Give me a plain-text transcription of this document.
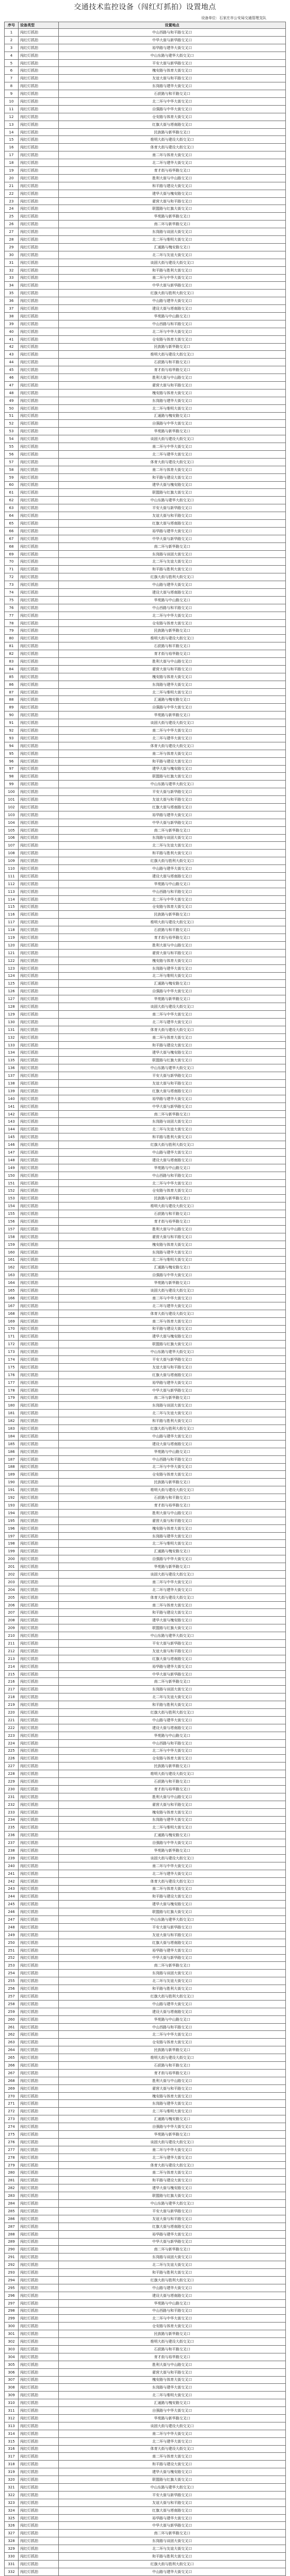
交通技术监控设备（闯红灯抓拍）设置地点
设备单位：石家庄市公安局交通管理支队
序号	设备类型	设置地点
1	闯红灯抓拍	中山西路与和平路交叉口
2	闯红灯抓拍	中华大街与新华路交叉口
3	闯红灯抓拍	裕华路与建华大街交叉口
4	闯红灯抓拍	中山东路与建华大街交叉口
5	闯红灯抓拍	平安大街与新华路交叉口
6	闯红灯抓拍	槐安路与体育大街交叉口
7	闯红灯抓拍	友谊大街与和平路交叉口
8	闯红灯抓拍	东岗路与建华大街交叉口
9	闯红灯抓拍	石获路与和平路交叉口
10	闯红灯抓拍	北二环与中华大街交叉口
11	闯红灯抓拍	自强路与中华大街交叉口
12	闯红灯抓拍	仓安路与体育大街交叉口
13	闯红灯抓拍	红旗大街与塔南路交叉口
14	闯红灯抓拍	民族路与新华路交叉口
15	闯红灯抓拍	维明大街与建设大街交叉口
16	闯红灯抓拍	体育大街与建设大街交叉口
17	闯红灯抓拍	南二环与体育大街交叉口
18	闯红灯抓拍	北二环与建华大街交叉口
19	闯红灯抓拍	育才街与裕华路交叉口
20	闯红灯抓拍	胜利大街与中山路交叉口
21	闯红灯抓拍	和平路与建设大街交叉口
22	闯红灯抓拍	建华大街与槐安路交叉口
23	闯红灯抓拍	翟营大街与和平路交叉口
24	闯红灯抓拍	联盟路与红旗大街交叉口
25	闯红灯抓拍	华苑路与新华路交叉口
26	闯红灯抓拍	南二环与新华路交叉口
27	闯红灯抓拍	东岗路与谈固大街交叉口
28	闯红灯抓拍	北二环与维明大街交叉口
29	闯红灯抓拍	汇通路与槐安路交叉口
30	闯红灯抓拍	北二环与友谊大街交叉口
31	闯红灯抓拍	谈固大街与建设大街交叉口
32	闯红灯抓拍	和平路与胜利大街交叉口
33	闯红灯抓拍	南二环与中华大街交叉口
34	闯红灯抓拍	中华大街与新华路交叉口
35	闯红灯抓拍	红旗大街与胜利大街交叉口
36	闯红灯抓拍	中山路与建华大街交叉口
37	闯红灯抓拍	建设大街与塔南路交叉口
38	闯红灯抓拍	华苑路与中山路交叉口
39	闯红灯抓拍	中山西路与和平路交叉口
40	闯红灯抓拍	北二环与中华大街交叉口
41	闯红灯抓拍	仓安路与体育大街交叉口
42	闯红灯抓拍	民族路与新华路交叉口
43	闯红灯抓拍	维明大街与建设大街交叉口
44	闯红灯抓拍	石获路与和平路交叉口
45	闯红灯抓拍	育才街与裕华路交叉口
46	闯红灯抓拍	胜利大街与中山路交叉口
47	闯红灯抓拍	翟营大街与和平路交叉口
48	闯红灯抓拍	槐安路与体育大街交叉口
49	闯红灯抓拍	东岗路与建华大街交叉口
50	闯红灯抓拍	北二环与维明大街交叉口
51	闯红灯抓拍	汇通路与槐安路交叉口
52	闯红灯抓拍	自强路与中华大街交叉口
53	闯红灯抓拍	华苑路与新华路交叉口
54	闯红灯抓拍	谈固大街与建设大街交叉口
55	闯红灯抓拍	南二环与中华大街交叉口
56	闯红灯抓拍	北二环与建华大街交叉口
57	闯红灯抓拍	体育大街与建设大街交叉口
58	闯红灯抓拍	南二环与体育大街交叉口
59	闯红灯抓拍	和平路与建设大街交叉口
60	闯红灯抓拍	建华大街与槐安路交叉口
61	闯红灯抓拍	联盟路与红旗大街交叉口
62	闯红灯抓拍	中山东路与建华大街交叉口
63	闯红灯抓拍	平安大街与新华路交叉口
64	闯红灯抓拍	友谊大街与和平路交叉口
65	闯红灯抓拍	红旗大街与塔南路交叉口
66	闯红灯抓拍	裕华路与建华大街交叉口
67	闯红灯抓拍	中华大街与新华路交叉口
68	闯红灯抓拍	南二环与新华路交叉口
69	闯红灯抓拍	东岗路与谈固大街交叉口
70	闯红灯抓拍	北二环与友谊大街交叉口
71	闯红灯抓拍	和平路与胜利大街交叉口
72	闯红灯抓拍	红旗大街与胜利大街交叉口
73	闯红灯抓拍	中山路与建华大街交叉口
74	闯红灯抓拍	建设大街与塔南路交叉口
75	闯红灯抓拍	华苑路与中山路交叉口
76	闯红灯抓拍	中山西路与和平路交叉口
77	闯红灯抓拍	北二环与中华大街交叉口
78	闯红灯抓拍	仓安路与体育大街交叉口
79	闯红灯抓拍	民族路与新华路交叉口
80	闯红灯抓拍	维明大街与建设大街交叉口
81	闯红灯抓拍	石获路与和平路交叉口
82	闯红灯抓拍	育才街与裕华路交叉口
83	闯红灯抓拍	胜利大街与中山路交叉口
84	闯红灯抓拍	翟营大街与和平路交叉口
85	闯红灯抓拍	槐安路与体育大街交叉口
86	闯红灯抓拍	东岗路与建华大街交叉口
87	闯红灯抓拍	北二环与维明大街交叉口
88	闯红灯抓拍	汇通路与槐安路交叉口
89	闯红灯抓拍	自强路与中华大街交叉口
90	闯红灯抓拍	华苑路与新华路交叉口
91	闯红灯抓拍	谈固大街与建设大街交叉口
92	闯红灯抓拍	南二环与中华大街交叉口
93	闯红灯抓拍	北二环与建华大街交叉口
94	闯红灯抓拍	体育大街与建设大街交叉口
95	闯红灯抓拍	南二环与体育大街交叉口
96	闯红灯抓拍	和平路与建设大街交叉口
97	闯红灯抓拍	建华大街与槐安路交叉口
98	闯红灯抓拍	联盟路与红旗大街交叉口
99	闯红灯抓拍	中山东路与建华大街交叉口
100	闯红灯抓拍	平安大街与新华路交叉口
101	闯红灯抓拍	友谊大街与和平路交叉口
102	闯红灯抓拍	红旗大街与塔南路交叉口
103	闯红灯抓拍	裕华路与建华大街交叉口
104	闯红灯抓拍	中华大街与新华路交叉口
105	闯红灯抓拍	南二环与新华路交叉口
106	闯红灯抓拍	东岗路与谈固大街交叉口
107	闯红灯抓拍	北二环与友谊大街交叉口
108	闯红灯抓拍	和平路与胜利大街交叉口
109	闯红灯抓拍	红旗大街与胜利大街交叉口
110	闯红灯抓拍	中山路与建华大街交叉口
111	闯红灯抓拍	建设大街与塔南路交叉口
112	闯红灯抓拍	华苑路与中山路交叉口
113	闯红灯抓拍	中山西路与和平路交叉口
114	闯红灯抓拍	北二环与中华大街交叉口
115	闯红灯抓拍	仓安路与体育大街交叉口
116	闯红灯抓拍	民族路与新华路交叉口
117	闯红灯抓拍	维明大街与建设大街交叉口
118	闯红灯抓拍	石获路与和平路交叉口
119	闯红灯抓拍	育才街与裕华路交叉口
120	闯红灯抓拍	胜利大街与中山路交叉口
121	闯红灯抓拍	翟营大街与和平路交叉口
122	闯红灯抓拍	槐安路与体育大街交叉口
123	闯红灯抓拍	东岗路与建华大街交叉口
124	闯红灯抓拍	北二环与维明大街交叉口
125	闯红灯抓拍	汇通路与槐安路交叉口
126	闯红灯抓拍	自强路与中华大街交叉口
127	闯红灯抓拍	华苑路与新华路交叉口
128	闯红灯抓拍	谈固大街与建设大街交叉口
129	闯红灯抓拍	南二环与中华大街交叉口
130	闯红灯抓拍	北二环与建华大街交叉口
131	闯红灯抓拍	体育大街与建设大街交叉口
132	闯红灯抓拍	南二环与体育大街交叉口
133	闯红灯抓拍	和平路与建设大街交叉口
134	闯红灯抓拍	建华大街与槐安路交叉口
135	闯红灯抓拍	联盟路与红旗大街交叉口
136	闯红灯抓拍	中山东路与建华大街交叉口
137	闯红灯抓拍	平安大街与新华路交叉口
138	闯红灯抓拍	友谊大街与和平路交叉口
139	闯红灯抓拍	红旗大街与塔南路交叉口
140	闯红灯抓拍	裕华路与建华大街交叉口
141	闯红灯抓拍	中华大街与新华路交叉口
142	闯红灯抓拍	南二环与新华路交叉口
143	闯红灯抓拍	东岗路与谈固大街交叉口
144	闯红灯抓拍	北二环与友谊大街交叉口
145	闯红灯抓拍	和平路与胜利大街交叉口
146	闯红灯抓拍	红旗大街与胜利大街交叉口
147	闯红灯抓拍	中山路与建华大街交叉口
148	闯红灯抓拍	建设大街与塔南路交叉口
149	闯红灯抓拍	华苑路与中山路交叉口
150	闯红灯抓拍	中山西路与和平路交叉口
151	闯红灯抓拍	北二环与中华大街交叉口
152	闯红灯抓拍	仓安路与体育大街交叉口
153	闯红灯抓拍	民族路与新华路交叉口
154	闯红灯抓拍	维明大街与建设大街交叉口
155	闯红灯抓拍	石获路与和平路交叉口
156	闯红灯抓拍	育才街与裕华路交叉口
157	闯红灯抓拍	胜利大街与中山路交叉口
158	闯红灯抓拍	翟营大街与和平路交叉口
159	闯红灯抓拍	槐安路与体育大街交叉口
160	闯红灯抓拍	东岗路与建华大街交叉口
161	闯红灯抓拍	北二环与维明大街交叉口
162	闯红灯抓拍	汇通路与槐安路交叉口
163	闯红灯抓拍	自强路与中华大街交叉口
164	闯红灯抓拍	华苑路与新华路交叉口
165	闯红灯抓拍	谈固大街与建设大街交叉口
166	闯红灯抓拍	南二环与中华大街交叉口
167	闯红灯抓拍	北二环与建华大街交叉口
168	闯红灯抓拍	体育大街与建设大街交叉口
169	闯红灯抓拍	南二环与体育大街交叉口
170	闯红灯抓拍	和平路与建设大街交叉口
171	闯红灯抓拍	建华大街与槐安路交叉口
172	闯红灯抓拍	联盟路与红旗大街交叉口
173	闯红灯抓拍	中山东路与建华大街交叉口
174	闯红灯抓拍	平安大街与新华路交叉口
175	闯红灯抓拍	友谊大街与和平路交叉口
176	闯红灯抓拍	红旗大街与塔南路交叉口
177	闯红灯抓拍	裕华路与建华大街交叉口
178	闯红灯抓拍	中华大街与新华路交叉口
179	闯红灯抓拍	南二环与新华路交叉口
180	闯红灯抓拍	东岗路与谈固大街交叉口
181	闯红灯抓拍	北二环与友谊大街交叉口
182	闯红灯抓拍	和平路与胜利大街交叉口
183	闯红灯抓拍	红旗大街与胜利大街交叉口
184	闯红灯抓拍	中山路与建华大街交叉口
185	闯红灯抓拍	建设大街与塔南路交叉口
186	闯红灯抓拍	华苑路与中山路交叉口
187	闯红灯抓拍	中山西路与和平路交叉口
188	闯红灯抓拍	北二环与中华大街交叉口
189	闯红灯抓拍	仓安路与体育大街交叉口
190	闯红灯抓拍	民族路与新华路交叉口
191	闯红灯抓拍	维明大街与建设大街交叉口
192	闯红灯抓拍	石获路与和平路交叉口
193	闯红灯抓拍	育才街与裕华路交叉口
194	闯红灯抓拍	胜利大街与中山路交叉口
195	闯红灯抓拍	翟营大街与和平路交叉口
196	闯红灯抓拍	槐安路与体育大街交叉口
197	闯红灯抓拍	东岗路与建华大街交叉口
198	闯红灯抓拍	北二环与维明大街交叉口
199	闯红灯抓拍	汇通路与槐安路交叉口
200	闯红灯抓拍	自强路与中华大街交叉口
201	闯红灯抓拍	华苑路与新华路交叉口
202	闯红灯抓拍	谈固大街与建设大街交叉口
203	闯红灯抓拍	南二环与中华大街交叉口
204	闯红灯抓拍	北二环与建华大街交叉口
205	闯红灯抓拍	体育大街与建设大街交叉口
206	闯红灯抓拍	南二环与体育大街交叉口
207	闯红灯抓拍	和平路与建设大街交叉口
208	闯红灯抓拍	建华大街与槐安路交叉口
209	闯红灯抓拍	联盟路与红旗大街交叉口
210	闯红灯抓拍	中山东路与建华大街交叉口
211	闯红灯抓拍	平安大街与新华路交叉口
212	闯红灯抓拍	友谊大街与和平路交叉口
213	闯红灯抓拍	红旗大街与塔南路交叉口
214	闯红灯抓拍	裕华路与建华大街交叉口
215	闯红灯抓拍	中华大街与新华路交叉口
216	闯红灯抓拍	南二环与新华路交叉口
217	闯红灯抓拍	东岗路与谈固大街交叉口
218	闯红灯抓拍	北二环与友谊大街交叉口
219	闯红灯抓拍	和平路与胜利大街交叉口
220	闯红灯抓拍	红旗大街与胜利大街交叉口
221	闯红灯抓拍	中山路与建华大街交叉口
222	闯红灯抓拍	建设大街与塔南路交叉口
223	闯红灯抓拍	华苑路与中山路交叉口
224	闯红灯抓拍	中山西路与和平路交叉口
225	闯红灯抓拍	北二环与中华大街交叉口
226	闯红灯抓拍	仓安路与体育大街交叉口
227	闯红灯抓拍	民族路与新华路交叉口
228	闯红灯抓拍	维明大街与建设大街交叉口
229	闯红灯抓拍	石获路与和平路交叉口
230	闯红灯抓拍	育才街与裕华路交叉口
231	闯红灯抓拍	胜利大街与中山路交叉口
232	闯红灯抓拍	翟营大街与和平路交叉口
233	闯红灯抓拍	槐安路与体育大街交叉口
234	闯红灯抓拍	东岗路与建华大街交叉口
235	闯红灯抓拍	北二环与维明大街交叉口
236	闯红灯抓拍	汇通路与槐安路交叉口
237	闯红灯抓拍	自强路与中华大街交叉口
238	闯红灯抓拍	华苑路与新华路交叉口
239	闯红灯抓拍	谈固大街与建设大街交叉口
240	闯红灯抓拍	南二环与中华大街交叉口
241	闯红灯抓拍	北二环与建华大街交叉口
242	闯红灯抓拍	体育大街与建设大街交叉口
243	闯红灯抓拍	南二环与体育大街交叉口
244	闯红灯抓拍	和平路与建设大街交叉口
245	闯红灯抓拍	建华大街与槐安路交叉口
246	闯红灯抓拍	联盟路与红旗大街交叉口
247	闯红灯抓拍	中山东路与建华大街交叉口
248	闯红灯抓拍	平安大街与新华路交叉口
249	闯红灯抓拍	友谊大街与和平路交叉口
250	闯红灯抓拍	红旗大街与塔南路交叉口
251	闯红灯抓拍	裕华路与建华大街交叉口
252	闯红灯抓拍	中华大街与新华路交叉口
253	闯红灯抓拍	南二环与新华路交叉口
254	闯红灯抓拍	东岗路与谈固大街交叉口
255	闯红灯抓拍	北二环与友谊大街交叉口
256	闯红灯抓拍	和平路与胜利大街交叉口
257	闯红灯抓拍	红旗大街与胜利大街交叉口
258	闯红灯抓拍	中山路与建华大街交叉口
259	闯红灯抓拍	建设大街与塔南路交叉口
260	闯红灯抓拍	华苑路与中山路交叉口
261	闯红灯抓拍	中山西路与和平路交叉口
262	闯红灯抓拍	北二环与中华大街交叉口
263	闯红灯抓拍	仓安路与体育大街交叉口
264	闯红灯抓拍	民族路与新华路交叉口
265	闯红灯抓拍	维明大街与建设大街交叉口
266	闯红灯抓拍	石获路与和平路交叉口
267	闯红灯抓拍	育才街与裕华路交叉口
268	闯红灯抓拍	胜利大街与中山路交叉口
269	闯红灯抓拍	翟营大街与和平路交叉口
270	闯红灯抓拍	槐安路与体育大街交叉口
271	闯红灯抓拍	东岗路与建华大街交叉口
272	闯红灯抓拍	北二环与维明大街交叉口
273	闯红灯抓拍	汇通路与槐安路交叉口
274	闯红灯抓拍	自强路与中华大街交叉口
275	闯红灯抓拍	华苑路与新华路交叉口
276	闯红灯抓拍	谈固大街与建设大街交叉口
277	闯红灯抓拍	南二环与中华大街交叉口
278	闯红灯抓拍	北二环与建华大街交叉口
279	闯红灯抓拍	体育大街与建设大街交叉口
280	闯红灯抓拍	南二环与体育大街交叉口
281	闯红灯抓拍	和平路与建设大街交叉口
282	闯红灯抓拍	建华大街与槐安路交叉口
283	闯红灯抓拍	联盟路与红旗大街交叉口
284	闯红灯抓拍	中山东路与建华大街交叉口
285	闯红灯抓拍	平安大街与新华路交叉口
286	闯红灯抓拍	友谊大街与和平路交叉口
287	闯红灯抓拍	红旗大街与塔南路交叉口
288	闯红灯抓拍	裕华路与建华大街交叉口
289	闯红灯抓拍	中华大街与新华路交叉口
290	闯红灯抓拍	南二环与新华路交叉口
291	闯红灯抓拍	东岗路与谈固大街交叉口
292	闯红灯抓拍	北二环与友谊大街交叉口
293	闯红灯抓拍	和平路与胜利大街交叉口
294	闯红灯抓拍	红旗大街与胜利大街交叉口
295	闯红灯抓拍	中山路与建华大街交叉口
296	闯红灯抓拍	建设大街与塔南路交叉口
297	闯红灯抓拍	华苑路与中山路交叉口
298	闯红灯抓拍	中山西路与和平路交叉口
299	闯红灯抓拍	北二环与中华大街交叉口
300	闯红灯抓拍	仓安路与体育大街交叉口
301	闯红灯抓拍	民族路与新华路交叉口
302	闯红灯抓拍	维明大街与建设大街交叉口
303	闯红灯抓拍	石获路与和平路交叉口
304	闯红灯抓拍	育才街与裕华路交叉口
305	闯红灯抓拍	胜利大街与中山路交叉口
306	闯红灯抓拍	翟营大街与和平路交叉口
307	闯红灯抓拍	槐安路与体育大街交叉口
308	闯红灯抓拍	东岗路与建华大街交叉口
309	闯红灯抓拍	北二环与维明大街交叉口
310	闯红灯抓拍	汇通路与槐安路交叉口
311	闯红灯抓拍	自强路与中华大街交叉口
312	闯红灯抓拍	华苑路与新华路交叉口
313	闯红灯抓拍	谈固大街与建设大街交叉口
314	闯红灯抓拍	南二环与中华大街交叉口
315	闯红灯抓拍	北二环与建华大街交叉口
316	闯红灯抓拍	体育大街与建设大街交叉口
317	闯红灯抓拍	南二环与体育大街交叉口
318	闯红灯抓拍	和平路与建设大街交叉口
319	闯红灯抓拍	建华大街与槐安路交叉口
320	闯红灯抓拍	联盟路与红旗大街交叉口
321	闯红灯抓拍	中山东路与建华大街交叉口
322	闯红灯抓拍	平安大街与新华路交叉口
323	闯红灯抓拍	友谊大街与和平路交叉口
324	闯红灯抓拍	红旗大街与塔南路交叉口
325	闯红灯抓拍	裕华路与建华大街交叉口
326	闯红灯抓拍	中华大街与新华路交叉口
327	闯红灯抓拍	南二环与新华路交叉口
328	闯红灯抓拍	东岗路与谈固大街交叉口
329	闯红灯抓拍	北二环与友谊大街交叉口
330	闯红灯抓拍	和平路与胜利大街交叉口
331	闯红灯抓拍	红旗大街与胜利大街交叉口
332	闯红灯抓拍	中山路与建华大街交叉口
